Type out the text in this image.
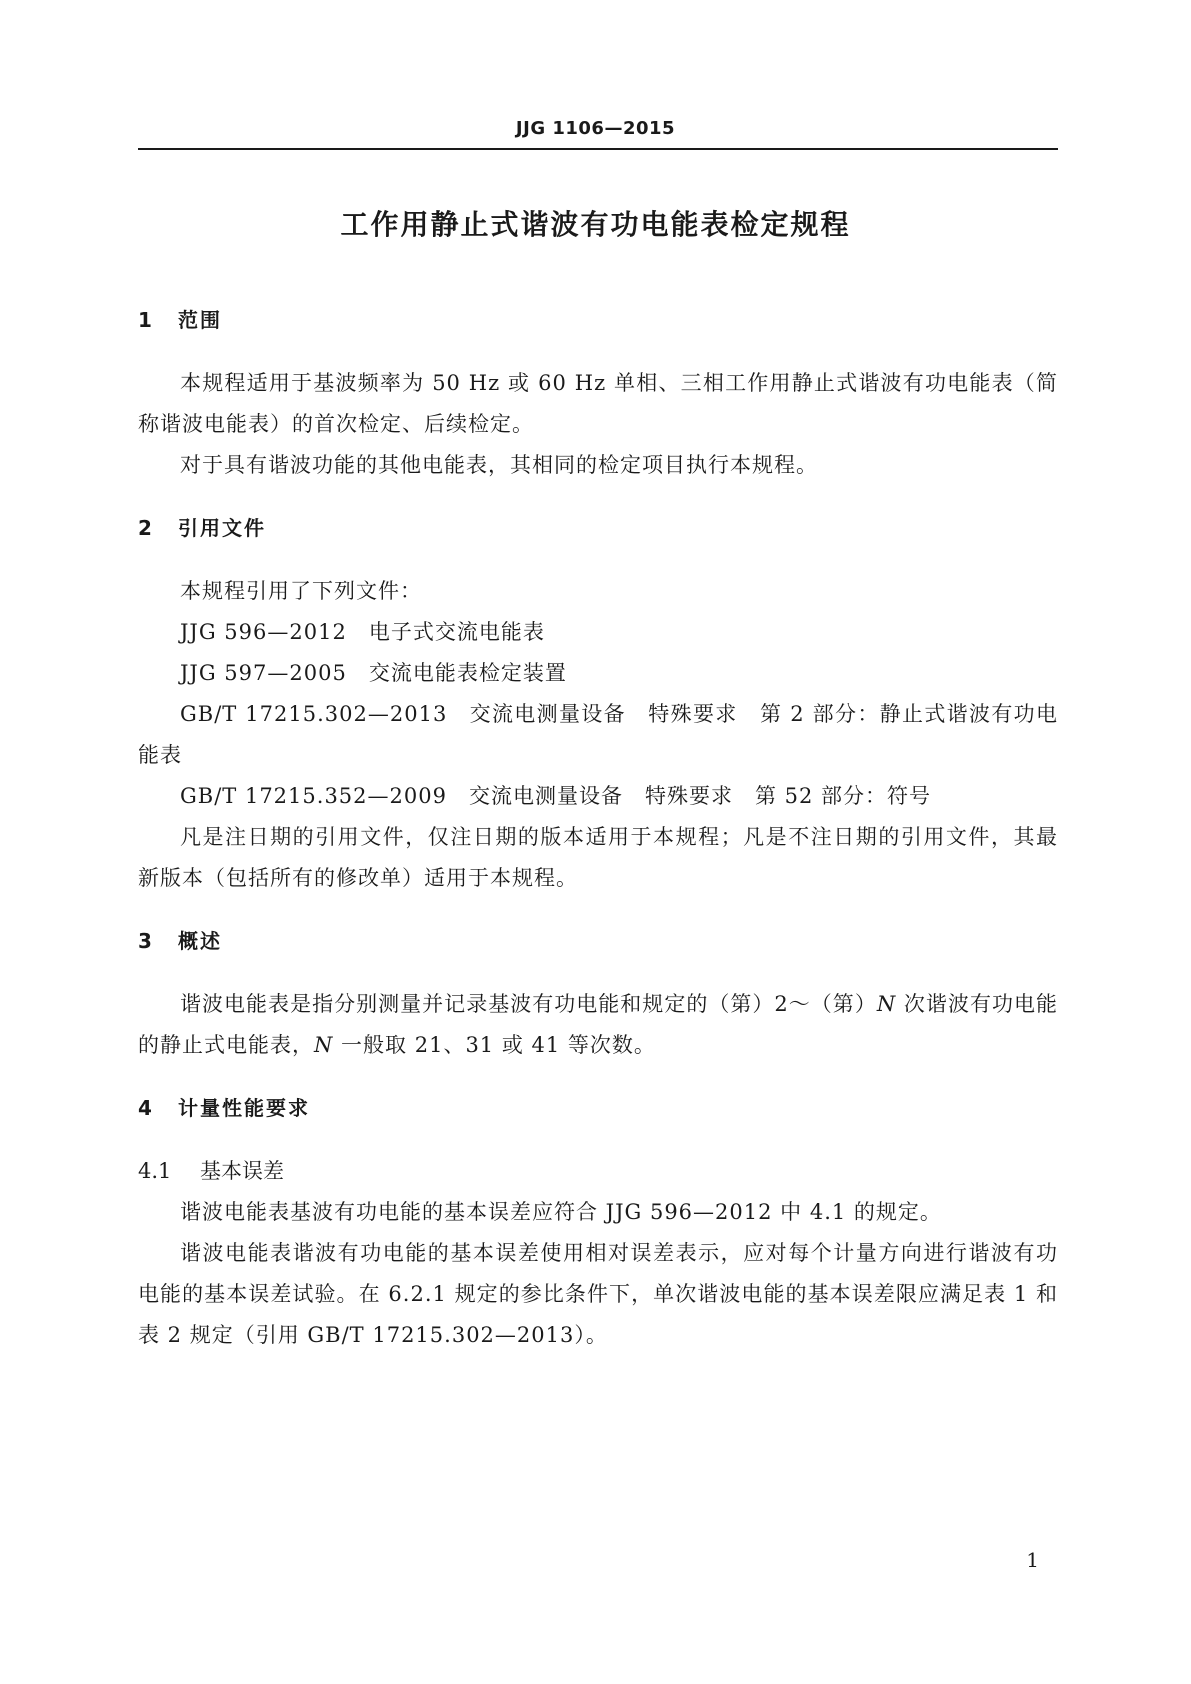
JJG 1106—2015
工作用静止式谐波有功电能表检定规程
1 范围
本规程适用于基波频率为 50 Hz 或 60 Hz 单相、三相工作用静止式谐波有功电能表（简称谐波电能表）的首次检定、后续检定。
对于具有谐波功能的其他电能表，其相同的检定项目执行本规程。
2 引用文件
本规程引用了下列文件：
JJG 596—2012 电子式交流电能表
JJG 597—2005 交流电能表检定装置
GB/T 17215.302—2013 交流电测量设备　特殊要求　第 2 部分：静止式谐波有功电能表
GB/T 17215.352—2009 交流电测量设备　特殊要求　第 52 部分：符号
凡是注日期的引用文件，仅注日期的版本适用于本规程；凡是不注日期的引用文件，其最新版本（包括所有的修改单）适用于本规程。
3 概述
谐波电能表是指分别测量并记录基波有功电能和规定的（第）2～（第）N 次谐波有功电能的静止式电能表，N 一般取 21、31 或 41 等次数。
4 计量性能要求
4.1 基本误差
谐波电能表基波有功电能的基本误差应符合 JJG 596—2012 中 4.1 的规定。
谐波电能表谐波有功电能的基本误差使用相对误差表示，应对每个计量方向进行谐波有功电能的基本误差试验。在 6.2.1 规定的参比条件下，单次谐波电能的基本误差限应满足表 1 和表 2 规定（引用 GB/T 17215.302—2013）。
1
